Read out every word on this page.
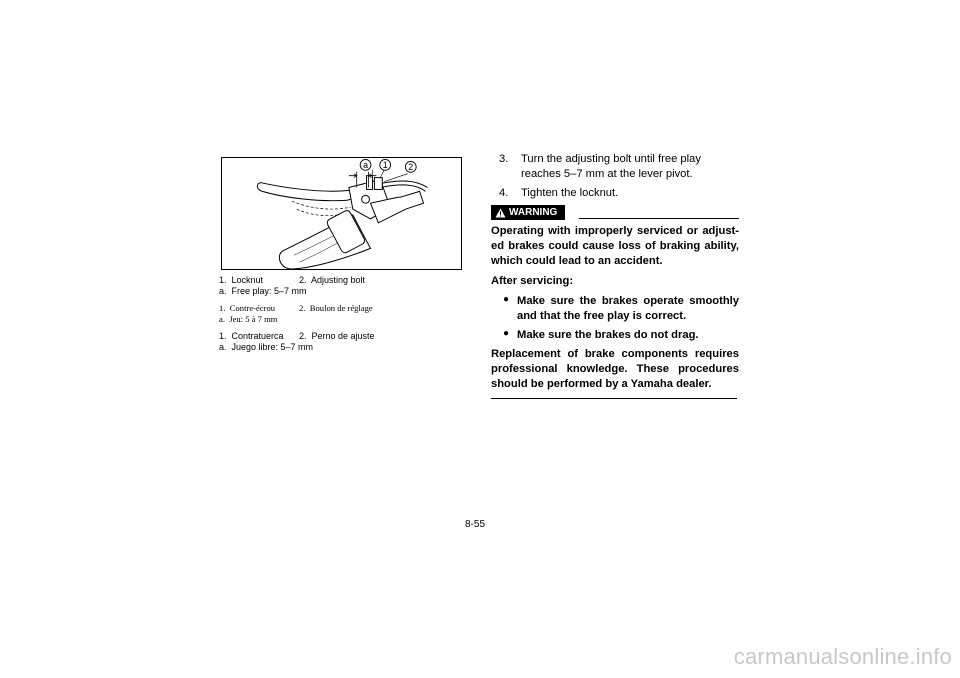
a 1 2
1.  Locknut	2.  Adjusting bolt
a.  Free play: 5–7 mm
1.  Contre-écrou	2.  Boulon de réglage
a.  Jeu: 5 à 7 mm
1.  Contratuerca	2.  Perno de ajuste
a.  Juego libre: 5–7 mm
3.	Turn the adjusting bolt until free play reaches 5–7 mm at the lever pivot.
4.	Tighten the locknut.
WARNING
Operating with improperly serviced or adjust-ed brakes could cause loss of braking ability, which could lead to an accident.
After servicing:
● Make sure the brakes operate smoothly and that the free play is correct.
● Make sure the brakes do not drag.
Replacement of brake components requires professional knowledge. These procedures should be performed by a Yamaha dealer.
8-55
carmanualsonline.info
